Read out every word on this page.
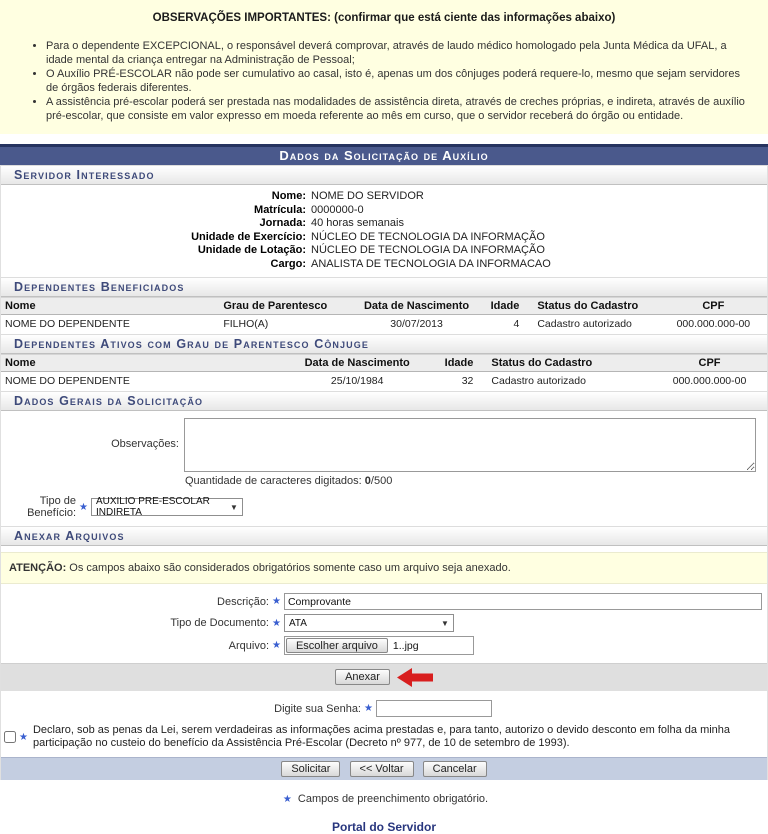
OBSERVAÇÕES IMPORTANTES: (confirmar que está ciente das informações abaixo)
• Para o dependente EXCEPCIONAL, o responsável deverá comprovar, através de laudo médico homologado pela Junta Médica da UFAL, a idade mental da criança entregar na Administração de Pessoal;
• O Auxílio PRÉ-ESCOLAR não pode ser cumulativo ao casal, isto é, apenas um dos cônjuges poderá requere-lo, mesmo que sejam servidores de órgãos federais diferentes.
• A assistência pré-escolar poderá ser prestada nas modalidades de assistência direta, através de creches próprias, e indireta, através de auxílio pré-escolar, que consiste em valor expresso em moeda referente ao mês em curso, que o servidor receberá do órgão ou entidade.
Dados da Solicitação de Auxílio
Servidor Interessado
Nome: NOME DO SERVIDOR
Matrícula: 0000000-0
Jornada: 40 horas semanais
Unidade de Exercício: NÚCLEO DE TECNOLOGIA DA INFORMAÇÃO
Unidade de Lotação: NÚCLEO DE TECNOLOGIA DA INFORMAÇÃO
Cargo: ANALISTA DE TECNOLOGIA DA INFORMACAO
Dependentes Beneficiados
Nome	Grau de Parentesco	Data de Nascimento	Idade	Status do Cadastro	CPF
NOME DO DEPENDENTE	FILHO(A)	30/07/2013	4	Cadastro autorizado	000.000.000-00
Dependentes Ativos com Grau de Parentesco Cônjuge
Nome	Data de Nascimento	Idade	Status do Cadastro	CPF
NOME DO DEPENDENTE	25/10/1984	32	Cadastro autorizado	000.000.000-00
Dados Gerais da Solicitação
Observações:
Quantidade de caracteres digitados: 0/500
Tipo de Benefício:
★
AUXILIO PRE-ESCOLAR INDIRETA	▼
Anexar Arquivos
ATENÇÃO: Os campos abaixo são considerados obrigatórios somente caso um arquivo seja anexado.
Descrição:
★
Comprovante
Tipo de Documento: ★ ATA	▼
Arquivo: ★	Escolher arquivo	1..jpg
Anexar
Digite sua Senha:
★
★
Declaro, sob as penas da Lei, serem verdadeiras as informações acima prestadas e, para tanto, autorizo o devido desconto em folha da minha participação no custeio do benefício da Assistência Pré-Escolar (Decreto nº 977, de 10 de setembro de 1993).
Solicitar	<< Voltar	Cancelar
★ Campos de preenchimento obrigatório.
Portal do Servidor
